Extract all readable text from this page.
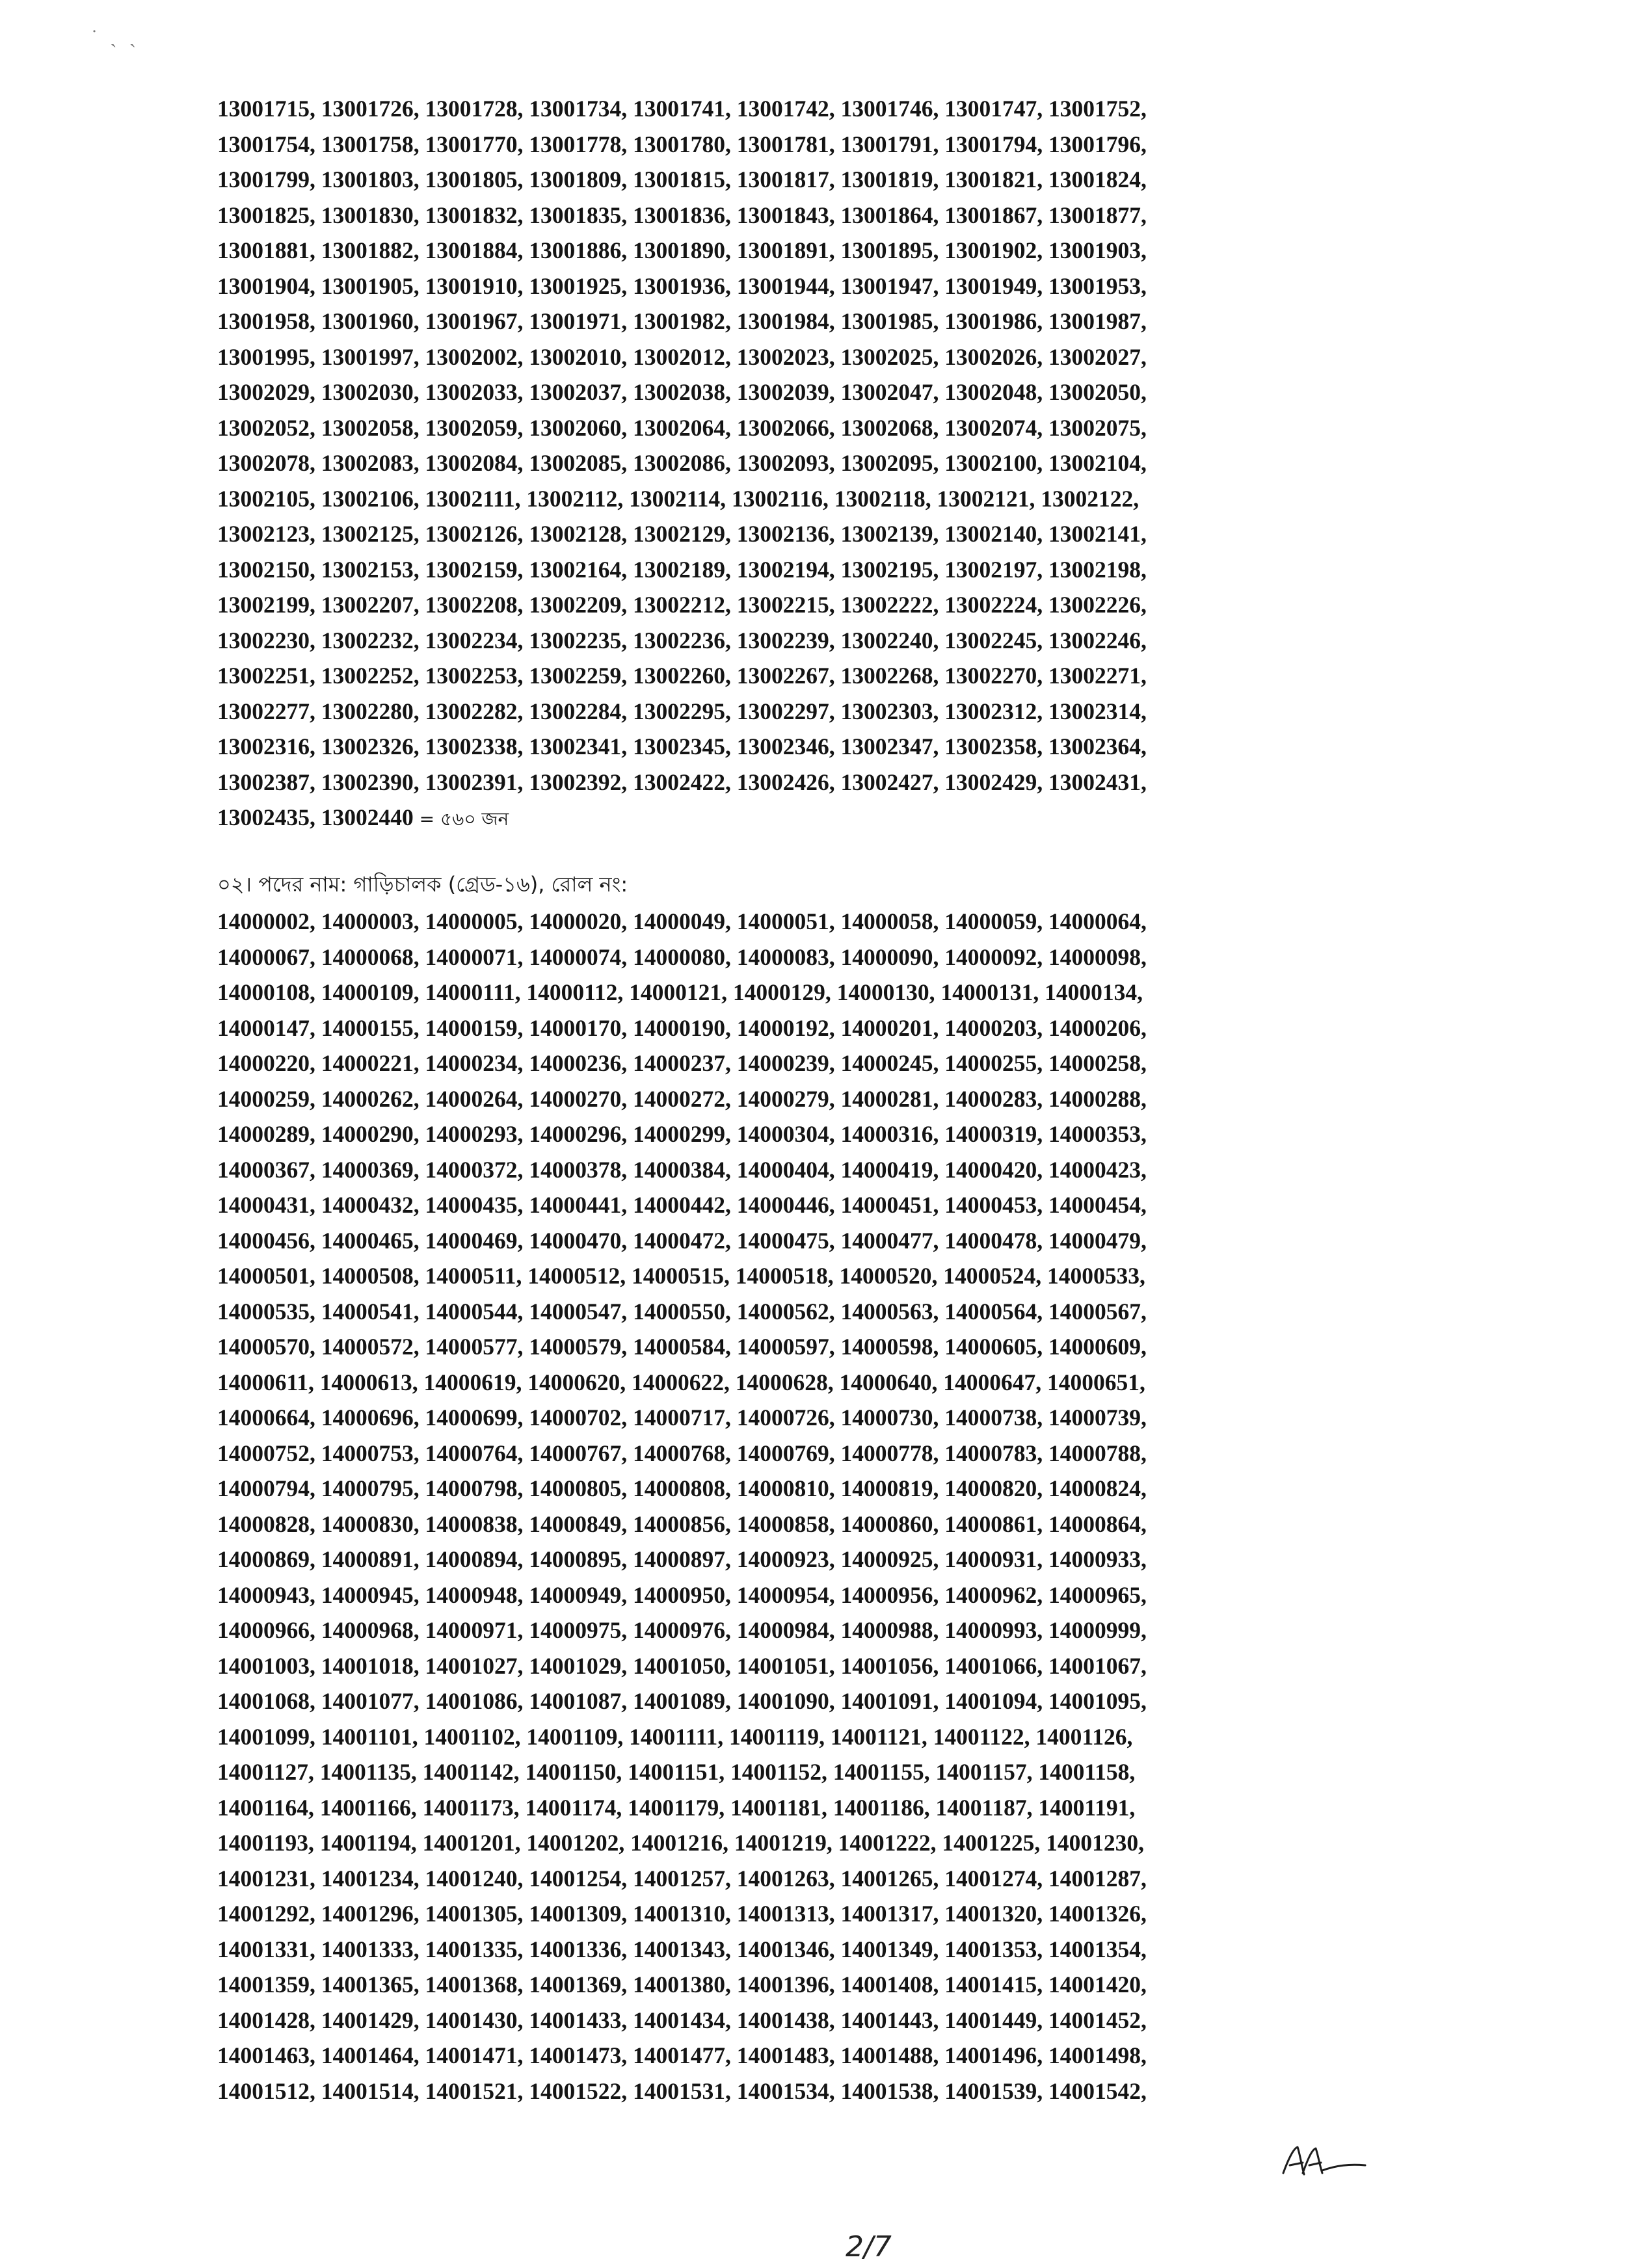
˙ ˎ ˏ
13001715, 13001726, 13001728, 13001734, 13001741, 13001742, 13001746, 13001747, 13001752,
13001754, 13001758, 13001770, 13001778, 13001780, 13001781, 13001791, 13001794, 13001796,
13001799, 13001803, 13001805, 13001809, 13001815, 13001817, 13001819, 13001821, 13001824,
13001825, 13001830, 13001832, 13001835, 13001836, 13001843, 13001864, 13001867, 13001877,
13001881, 13001882, 13001884, 13001886, 13001890, 13001891, 13001895, 13001902, 13001903,
13001904, 13001905, 13001910, 13001925, 13001936, 13001944, 13001947, 13001949, 13001953,
13001958, 13001960, 13001967, 13001971, 13001982, 13001984, 13001985, 13001986, 13001987,
13001995, 13001997, 13002002, 13002010, 13002012, 13002023, 13002025, 13002026, 13002027,
13002029, 13002030, 13002033, 13002037, 13002038, 13002039, 13002047, 13002048, 13002050,
13002052, 13002058, 13002059, 13002060, 13002064, 13002066, 13002068, 13002074, 13002075,
13002078, 13002083, 13002084, 13002085, 13002086, 13002093, 13002095, 13002100, 13002104,
13002105, 13002106, 13002111, 13002112, 13002114, 13002116, 13002118, 13002121, 13002122,
13002123, 13002125, 13002126, 13002128, 13002129, 13002136, 13002139, 13002140, 13002141,
13002150, 13002153, 13002159, 13002164, 13002189, 13002194, 13002195, 13002197, 13002198,
13002199, 13002207, 13002208, 13002209, 13002212, 13002215, 13002222, 13002224, 13002226,
13002230, 13002232, 13002234, 13002235, 13002236, 13002239, 13002240, 13002245, 13002246,
13002251, 13002252, 13002253, 13002259, 13002260, 13002267, 13002268, 13002270, 13002271,
13002277, 13002280, 13002282, 13002284, 13002295, 13002297, 13002303, 13002312, 13002314,
13002316, 13002326, 13002338, 13002341, 13002345, 13002346, 13002347, 13002358, 13002364,
13002387, 13002390, 13002391, 13002392, 13002422, 13002426, 13002427, 13002429, 13002431,
13002435, 13002440 = ৫৬০ জন
০২। পদের নাম: গাড়িচালক (গ্রেড-১৬), রোল নং:
14000002, 14000003, 14000005, 14000020, 14000049, 14000051, 14000058, 14000059, 14000064,
14000067, 14000068, 14000071, 14000074, 14000080, 14000083, 14000090, 14000092, 14000098,
14000108, 14000109, 14000111, 14000112, 14000121, 14000129, 14000130, 14000131, 14000134,
14000147, 14000155, 14000159, 14000170, 14000190, 14000192, 14000201, 14000203, 14000206,
14000220, 14000221, 14000234, 14000236, 14000237, 14000239, 14000245, 14000255, 14000258,
14000259, 14000262, 14000264, 14000270, 14000272, 14000279, 14000281, 14000283, 14000288,
14000289, 14000290, 14000293, 14000296, 14000299, 14000304, 14000316, 14000319, 14000353,
14000367, 14000369, 14000372, 14000378, 14000384, 14000404, 14000419, 14000420, 14000423,
14000431, 14000432, 14000435, 14000441, 14000442, 14000446, 14000451, 14000453, 14000454,
14000456, 14000465, 14000469, 14000470, 14000472, 14000475, 14000477, 14000478, 14000479,
14000501, 14000508, 14000511, 14000512, 14000515, 14000518, 14000520, 14000524, 14000533,
14000535, 14000541, 14000544, 14000547, 14000550, 14000562, 14000563, 14000564, 14000567,
14000570, 14000572, 14000577, 14000579, 14000584, 14000597, 14000598, 14000605, 14000609,
14000611, 14000613, 14000619, 14000620, 14000622, 14000628, 14000640, 14000647, 14000651,
14000664, 14000696, 14000699, 14000702, 14000717, 14000726, 14000730, 14000738, 14000739,
14000752, 14000753, 14000764, 14000767, 14000768, 14000769, 14000778, 14000783, 14000788,
14000794, 14000795, 14000798, 14000805, 14000808, 14000810, 14000819, 14000820, 14000824,
14000828, 14000830, 14000838, 14000849, 14000856, 14000858, 14000860, 14000861, 14000864,
14000869, 14000891, 14000894, 14000895, 14000897, 14000923, 14000925, 14000931, 14000933,
14000943, 14000945, 14000948, 14000949, 14000950, 14000954, 14000956, 14000962, 14000965,
14000966, 14000968, 14000971, 14000975, 14000976, 14000984, 14000988, 14000993, 14000999,
14001003, 14001018, 14001027, 14001029, 14001050, 14001051, 14001056, 14001066, 14001067,
14001068, 14001077, 14001086, 14001087, 14001089, 14001090, 14001091, 14001094, 14001095,
14001099, 14001101, 14001102, 14001109, 14001111, 14001119, 14001121, 14001122, 14001126,
14001127, 14001135, 14001142, 14001150, 14001151, 14001152, 14001155, 14001157, 14001158,
14001164, 14001166, 14001173, 14001174, 14001179, 14001181, 14001186, 14001187, 14001191,
14001193, 14001194, 14001201, 14001202, 14001216, 14001219, 14001222, 14001225, 14001230,
14001231, 14001234, 14001240, 14001254, 14001257, 14001263, 14001265, 14001274, 14001287,
14001292, 14001296, 14001305, 14001309, 14001310, 14001313, 14001317, 14001320, 14001326,
14001331, 14001333, 14001335, 14001336, 14001343, 14001346, 14001349, 14001353, 14001354,
14001359, 14001365, 14001368, 14001369, 14001380, 14001396, 14001408, 14001415, 14001420,
14001428, 14001429, 14001430, 14001433, 14001434, 14001438, 14001443, 14001449, 14001452,
14001463, 14001464, 14001471, 14001473, 14001477, 14001483, 14001488, 14001496, 14001498,
14001512, 14001514, 14001521, 14001522, 14001531, 14001534, 14001538, 14001539, 14001542,
2/7
